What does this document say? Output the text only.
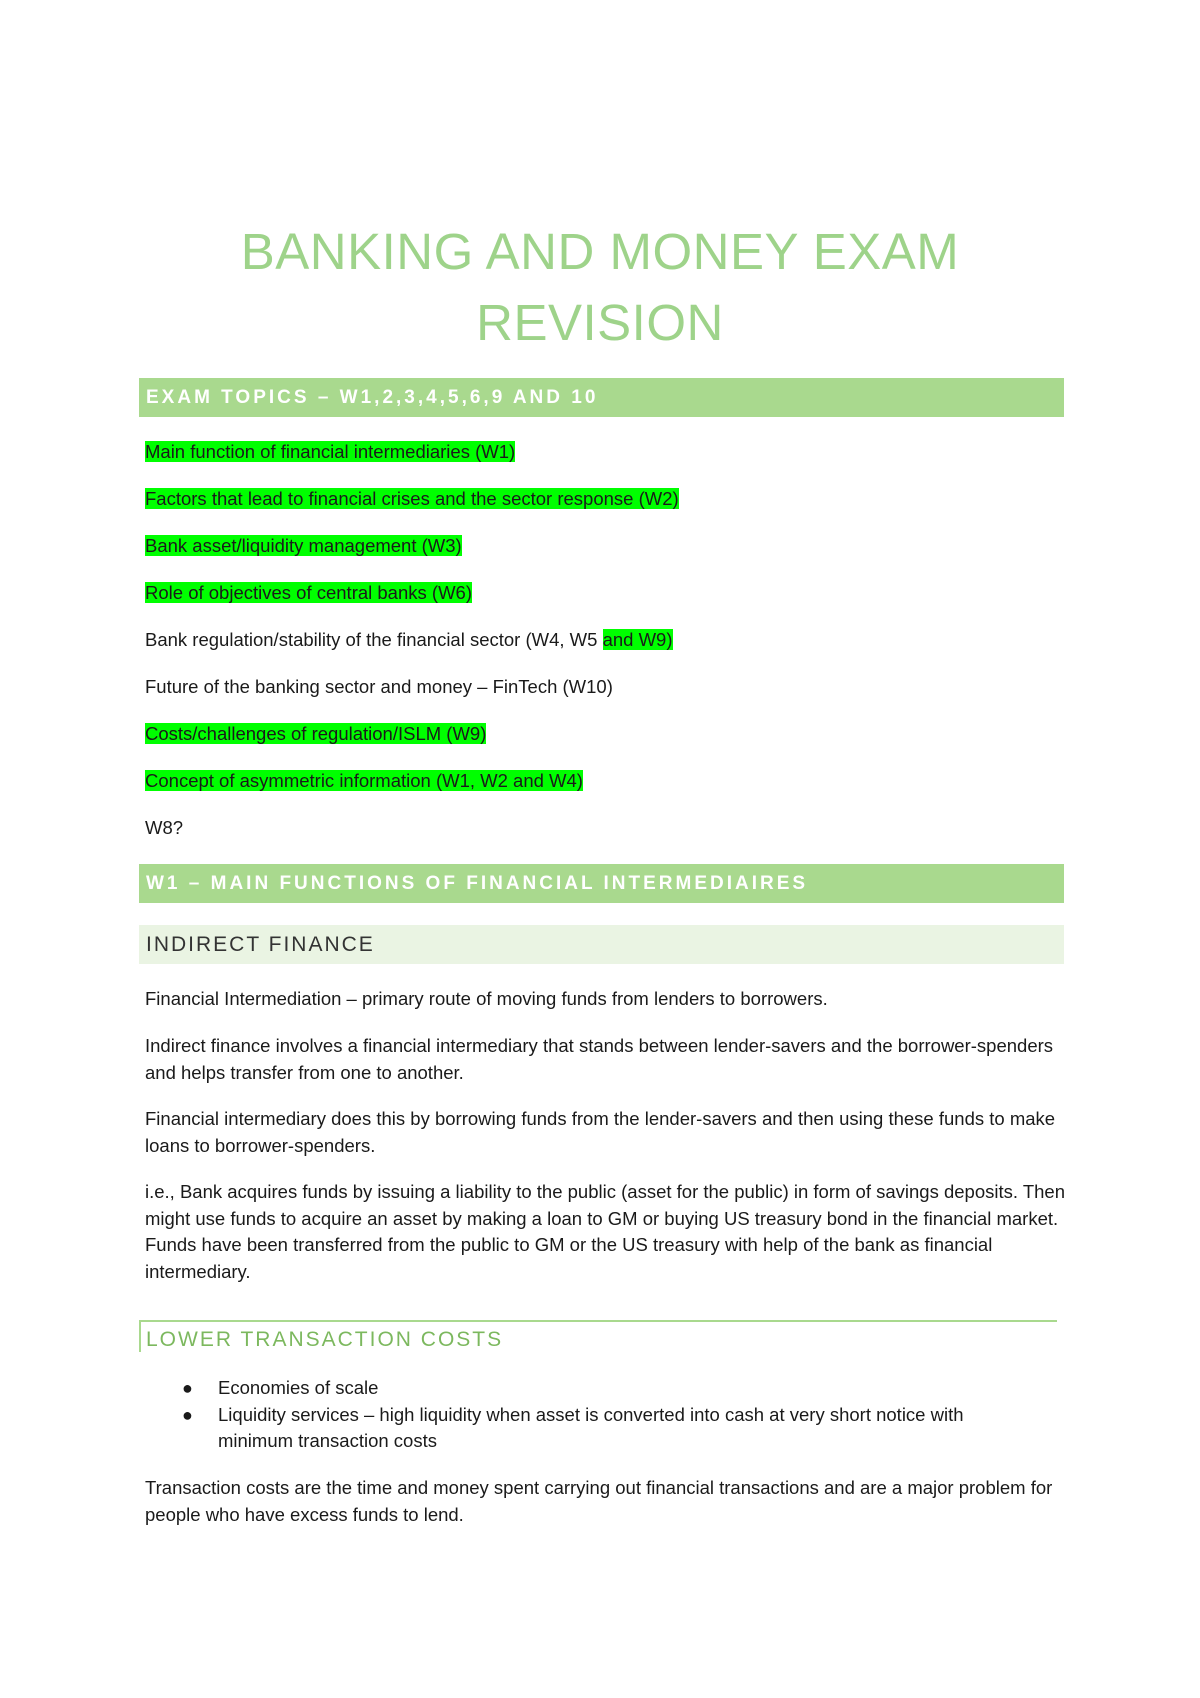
BANKING AND MONEY EXAM
REVISION
EXAM TOPICS – W1,2,3,4,5,6,9 AND 10
Main function of financial intermediaries (W1)
Factors that lead to financial crises and the sector response (W2)
Bank asset/liquidity management (W3)
Role of objectives of central banks (W6)
Bank regulation/stability of the financial sector (W4, W5 and W9)
Future of the banking sector and money – FinTech (W10)
Costs/challenges of regulation/ISLM (W9)
Concept of asymmetric information (W1, W2 and W4)
W8?
W1 – MAIN FUNCTIONS OF FINANCIAL INTERMEDIAIRES
INDIRECT FINANCE
Financial Intermediation – primary route of moving funds from lenders to borrowers.
Indirect finance involves a financial intermediary that stands between lender-savers and the borrower-spenders and helps transfer from one to another.
Financial intermediary does this by borrowing funds from the lender-savers and then using these funds to make loans to borrower-spenders.
i.e., Bank acquires funds by issuing a liability to the public (asset for the public) in form of savings deposits. Then might use funds to acquire an asset by making a loan to GM or buying US treasury bond in the financial market. Funds have been transferred from the public to GM or the US treasury with help of the bank as financial intermediary.
LOWER TRANSACTION COSTS
● Economies of scale
● Liquidity services – high liquidity when asset is converted into cash at very short notice with minimum transaction costs
Transaction costs are the time and money spent carrying out financial transactions and are a major problem for people who have excess funds to lend.
